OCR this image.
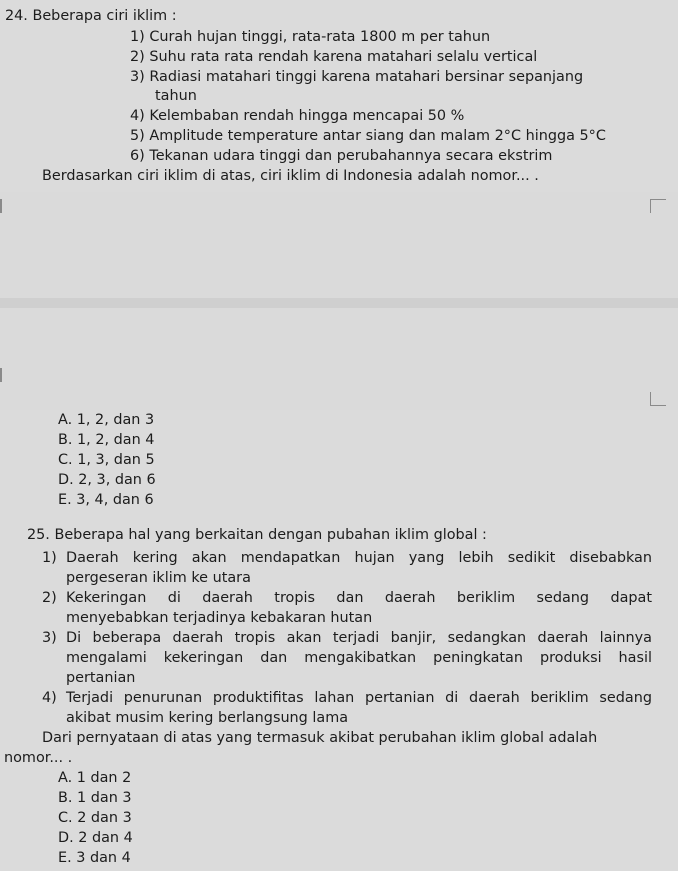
24. Beberapa ciri iklim :
1) Curah hujan tinggi, rata-rata 1800 m per tahun
2) Suhu rata rata rendah karena matahari selalu vertical
3) Radiasi matahari tinggi karena matahari bersinar sepanjang
tahun
4) Kelembaban rendah hingga mencapai 50 %
5) Amplitude temperature antar siang dan malam 2°C hingga 5°C
6) Tekanan udara tinggi dan perubahannya secara ekstrim
Berdasarkan ciri iklim di atas, ciri iklim di Indonesia adalah nomor... .
A. 1, 2, dan 3
B. 1, 2, dan 4
C. 1, 3, dan 5
D. 2, 3, dan 6
E. 3, 4, dan 6
25. Beberapa hal yang berkaitan dengan pubahan iklim global :
1) Daerah kering akan mendapatkan hujan yang lebih sedikit disebabkan
pergeseran iklim ke utara
2) Kekeringan di daerah tropis dan daerah beriklim sedang dapat
menyebabkan terjadinya kebakaran hutan
3) Di beberapa daerah tropis akan terjadi banjir, sedangkan daerah lainnya
mengalami kekeringan dan mengakibatkan peningkatan produksi hasil
pertanian
4) Terjadi penurunan produktifitas lahan pertanian di daerah beriklim sedang
akibat musim kering berlangsung lama
Dari pernyataan di atas yang termasuk akibat perubahan iklim global adalah
nomor... .
A. 1 dan 2
B. 1 dan 3
C. 2 dan 3
D. 2 dan 4
E. 3 dan 4
